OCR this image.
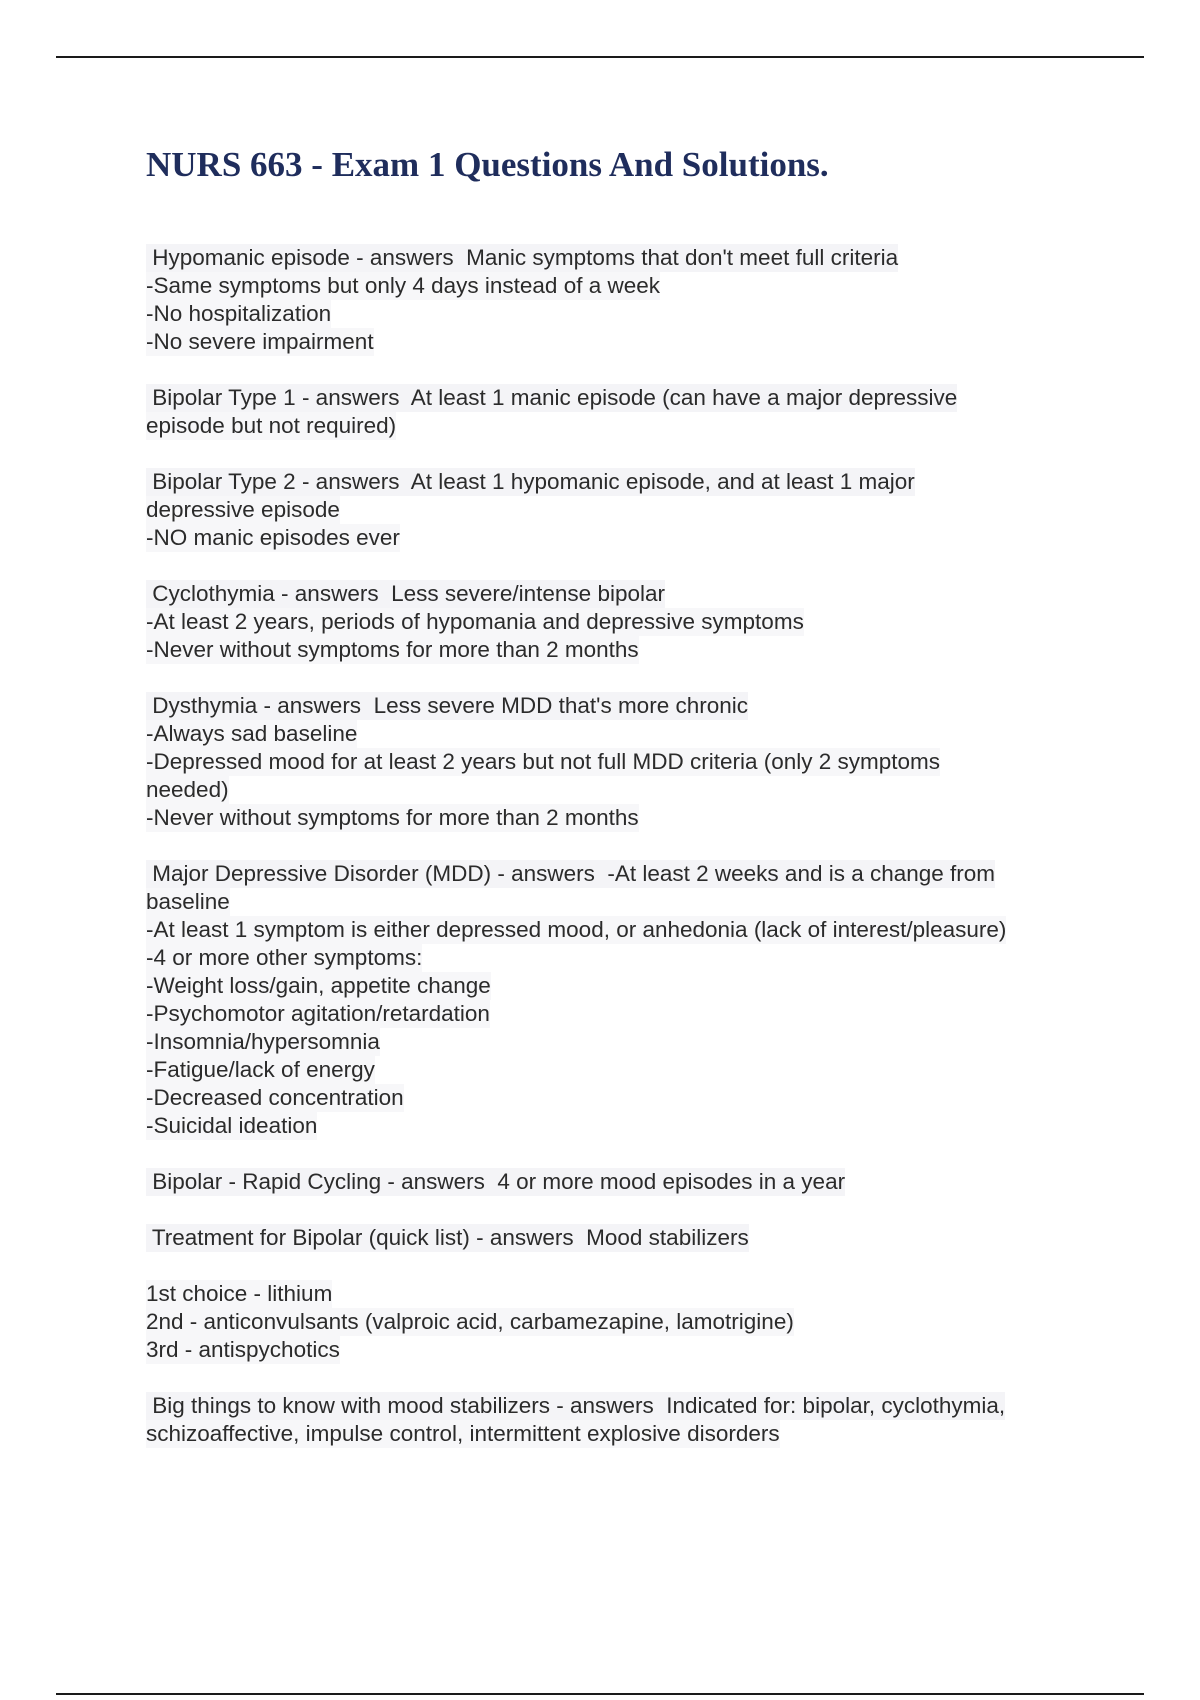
NURS 663 - Exam 1 Questions And Solutions.
Hypomanic episode - answers  Manic symptoms that don't meet full criteria
-Same symptoms but only 4 days instead of a week
-No hospitalization
-No severe impairment
Bipolar Type 1 - answers  At least 1 manic episode (can have a major depressive
episode but not required)
Bipolar Type 2 - answers  At least 1 hypomanic episode, and at least 1 major
depressive episode
-NO manic episodes ever
Cyclothymia - answers  Less severe/intense bipolar
-At least 2 years, periods of hypomania and depressive symptoms
-Never without symptoms for more than 2 months
Dysthymia - answers  Less severe MDD that's more chronic
-Always sad baseline
-Depressed mood for at least 2 years but not full MDD criteria (only 2 symptoms
needed)
-Never without symptoms for more than 2 months
Major Depressive Disorder (MDD) - answers  -At least 2 weeks and is a change from
baseline
-At least 1 symptom is either depressed mood, or anhedonia (lack of interest/pleasure)
-4 or more other symptoms:
-Weight loss/gain, appetite change
-Psychomotor agitation/retardation
-Insomnia/hypersomnia
-Fatigue/lack of energy
-Decreased concentration
-Suicidal ideation
Bipolar - Rapid Cycling - answers  4 or more mood episodes in a year
Treatment for Bipolar (quick list) - answers  Mood stabilizers
1st choice - lithium
2nd - anticonvulsants (valproic acid, carbamezapine, lamotrigine)
3rd - antispychotics
Big things to know with mood stabilizers - answers  Indicated for: bipolar, cyclothymia,
schizoaffective, impulse control, intermittent explosive disorders
